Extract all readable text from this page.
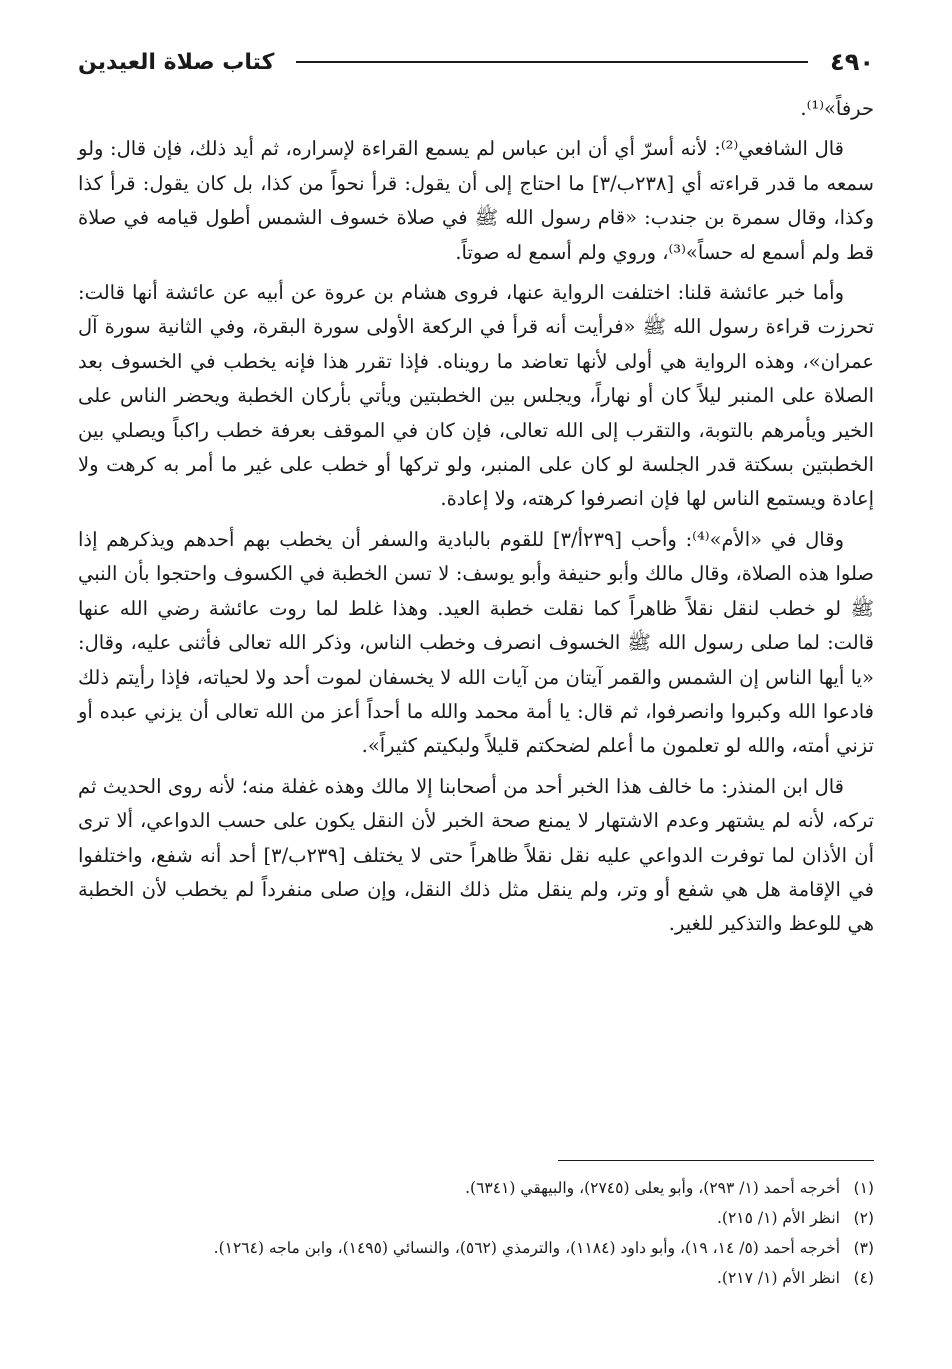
٤٩٠
كتاب صلاة العيدين

حرفاً»⁽¹⁾.

قال الشافعي⁽²⁾: لأنه أسرّ أي أن ابن عباس لم يسمع القراءة لإسراره، ثم أيد ذلك، فإن قال: ولو سمعه ما قدر قراءته أي [٢٣٨ب/٣] ما احتاج إلى أن يقول: قرأ نحواً من كذا، بل كان يقول: قرأ كذا وكذا، وقال سمرة بن جندب: «قام رسول الله ﷺ في صلاة خسوف الشمس أطول قيامه في صلاة قط ولم أسمع له حساً»⁽³⁾، وروي ولم أسمع له صوتاً.

وأما خبر عائشة قلنا: اختلفت الرواية عنها، فروى هشام بن عروة عن أبيه عن عائشة أنها قالت: تحرزت قراءة رسول الله ﷺ «فرأيت أنه قرأ في الركعة الأولى سورة البقرة، وفي الثانية سورة آل عمران»، وهذه الرواية هي أولى لأنها تعاضد ما رويناه. فإذا تقرر هذا فإنه يخطب في الخسوف بعد الصلاة على المنبر ليلاً كان أو نهاراً، ويجلس بين الخطبتين ويأتي بأركان الخطبة ويحضر الناس على الخير ويأمرهم بالتوبة، والتقرب إلى الله تعالى، فإن كان في الموقف بعرفة خطب راكباً ويصلي بين الخطبتين بسكتة قدر الجلسة لو كان على المنبر، ولو تركها أو خطب على غير ما أمر به كرهت ولا إعادة ويستمع الناس لها فإن انصرفوا كرهته، ولا إعادة.

وقال في «الأم»⁽⁴⁾: وأحب [٢٣٩أ/٣] للقوم بالبادية والسفر أن يخطب بهم أحدهم ويذكرهم إذا صلوا هذه الصلاة، وقال مالك وأبو حنيفة وأبو يوسف: لا تسن الخطبة في الكسوف واحتجوا بأن النبي ﷺ لو خطب لنقل نقلاً ظاهراً كما نقلت خطبة العيد. وهذا غلط لما روت عائشة رضي الله عنها قالت: لما صلى رسول الله ﷺ الخسوف انصرف وخطب الناس، وذكر الله تعالى فأثنى عليه، وقال: «يا أيها الناس إن الشمس والقمر آيتان من آيات الله لا يخسفان لموت أحد ولا لحياته، فإذا رأيتم ذلك فادعوا الله وكبروا وانصرفوا، ثم قال: يا أمة محمد والله ما أحداً أعز من الله تعالى أن يزني عبده أو تزني أمته، والله لو تعلمون ما أعلم لضحكتم قليلاً ولبكيتم كثيراً».

قال ابن المنذر: ما خالف هذا الخبر أحد من أصحابنا إلا مالك وهذه غفلة منه؛ لأنه روى الحديث ثم تركه، لأنه لم يشتهر وعدم الاشتهار لا يمنع صحة الخبر لأن النقل يكون على حسب الدواعي، ألا ترى أن الأذان لما توفرت الدواعي عليه نقل نقلاً ظاهراً حتى لا يختلف [٢٣٩ب/٣] أحد أنه شفع، واختلفوا في الإقامة هل هي شفع أو وتر، ولم ينقل مثل ذلك النقل، وإن صلى منفرداً لم يخطب لأن الخطبة هي للوعظ والتذكير للغير.

(١)
أخرجه أحمد (١/ ٢٩٣)، وأبو يعلى (٢٧٤٥)، والبيهقي (٦٣٤١).
(٢)
انظر الأم (١/ ٢١٥).
(٣)
أخرجه أحمد (٥/ ١٤، ١٩)، وأبو داود (١١٨٤)، والترمذي (٥٦٢)، والنسائي (١٤٩٥)، وابن ماجه (١٢٦٤).
(٤)
انظر الأم (١/ ٢١٧).
